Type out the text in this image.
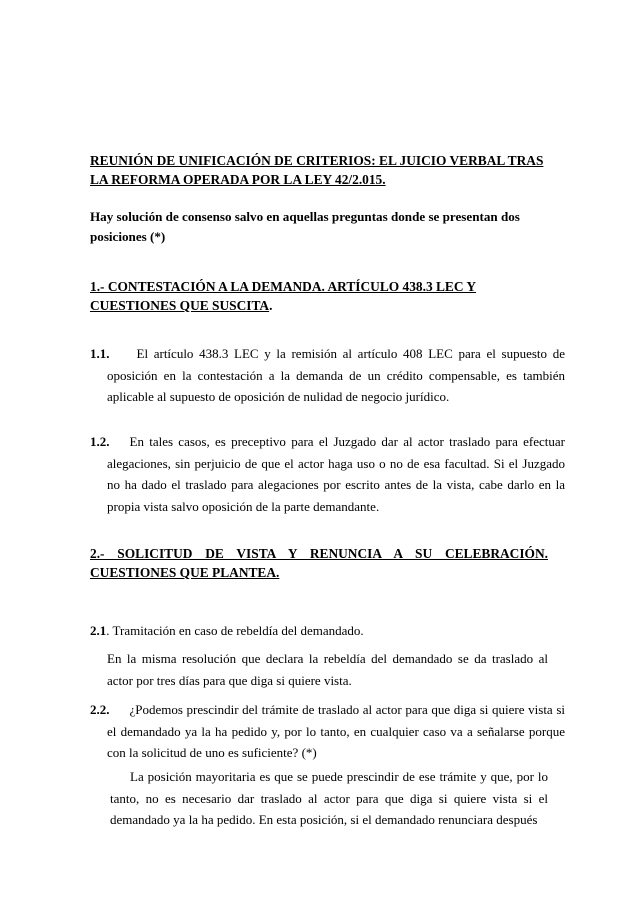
REUNIÓN DE UNIFICACIÓN DE CRITERIOS: EL JUICIO VERBAL TRAS
LA REFORMA OPERADA POR LA LEY 42/2.015.

Hay solución de consenso salvo en aquellas preguntas donde se presentan dos posiciones (*)

1.- CONTESTACIÓN A LA DEMANDA. ARTÍCULO 438.3 LEC Y
CUESTIONES QUE SUSCITA.

1.1. El artículo 438.3 LEC y la remisión al artículo 408 LEC para el supuesto de oposición en la contestación a la demanda de un crédito compensable, es también aplicable al supuesto de oposición de nulidad de negocio jurídico.

1.2. En tales casos, es preceptivo para el Juzgado dar al actor traslado para efectuar alegaciones, sin perjuicio de que el actor haga uso o no de esa facultad. Si el Juzgado no ha dado el traslado para alegaciones por escrito antes de la vista, cabe darlo en la propia vista salvo oposición de la parte demandante.

2.- SOLICITUD DE VISTA Y RENUNCIA A SU CELEBRACIÓN.
CUESTIONES QUE PLANTEA.

2.1. Tramitación en caso de rebeldía del demandado.

En la misma resolución que declara la rebeldía del demandado se da traslado al actor por tres días para que diga si quiere vista.

2.2. ¿Podemos prescindir del trámite de traslado al actor para que diga si quiere vista si el demandado ya la ha pedido y, por lo tanto, en cualquier caso va a señalarse porque con la solicitud de uno es suficiente? (*)

La posición mayoritaria es que se puede prescindir de ese trámite y que, por lo tanto, no es necesario dar traslado al actor para que diga si quiere vista si el demandado ya la ha pedido. En esta posición, si el demandado renunciara después
